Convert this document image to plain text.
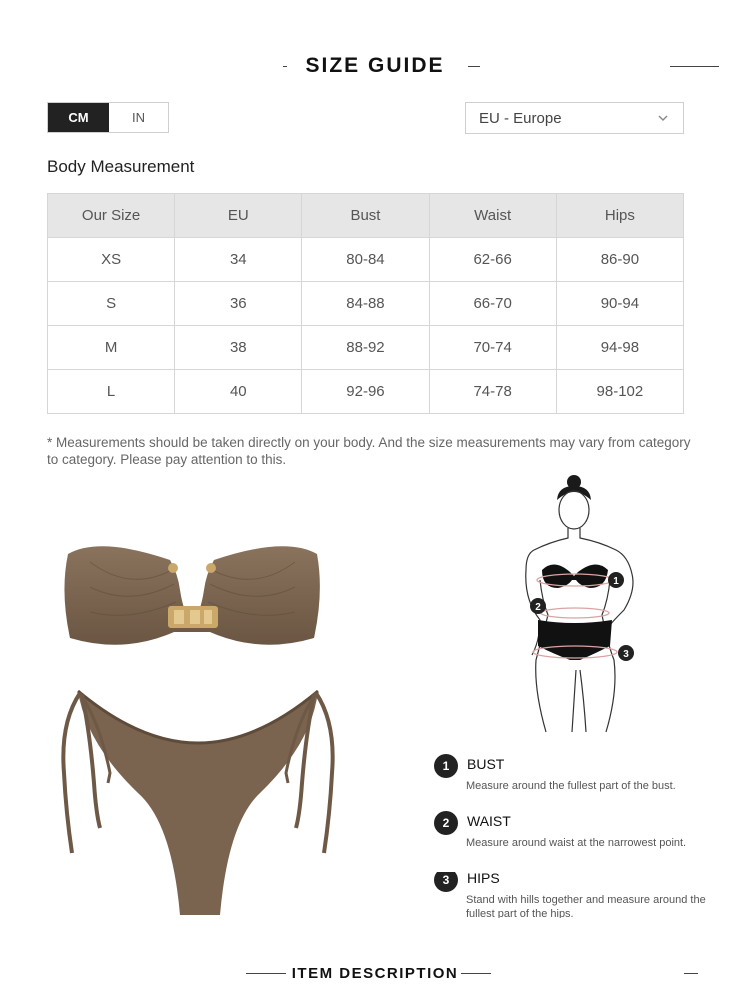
SIZE GUIDE
CM	IN	EU - Europe
Body Measurement
Our Size	EU	Bust	Waist	Hips
XS	34	80-84	62-66	86-90
S	36	84-88	66-70	90-94
M	38	88-92	70-74	94-98
L	40	92-96	74-78	98-102
* Measurements should be taken directly on your body. And the size measurements may vary from category to category. Please pay attention to this.
1
2
3
1	BUST
Measure around the fullest part of the bust.
2	WAIST
Measure around waist at the narrowest point.
3	HIPS
Stand with hills together and measure around the fullest part of the hips.
ITEM DESCRIPTION
